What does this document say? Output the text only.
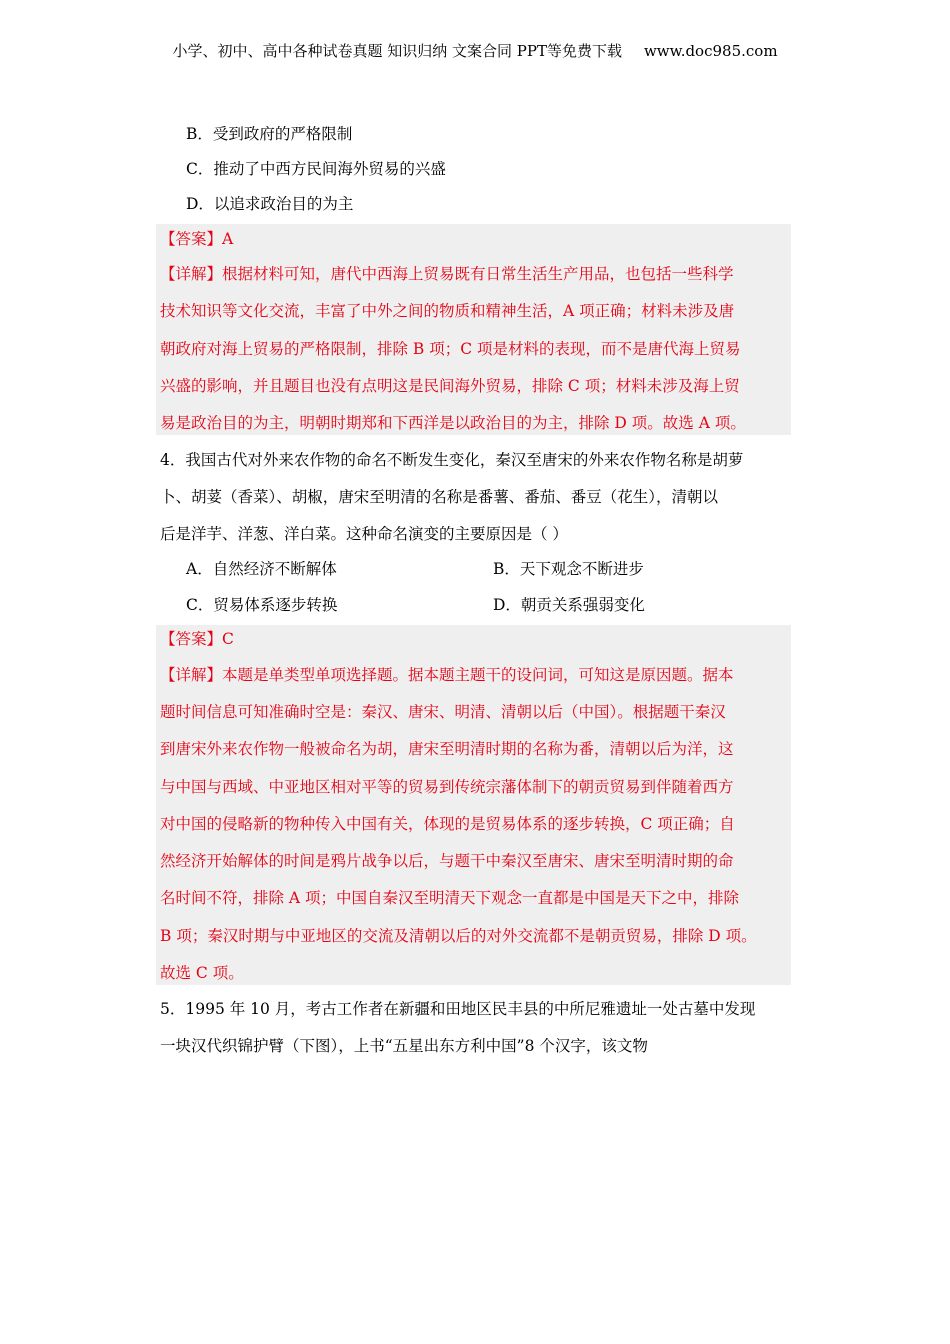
小学、初中、高中各种试卷真题 知识归纳 文案合同 PPT等免费下载 www.doc985.com
B．受到政府的严格限制
C．推动了中西方民间海外贸易的兴盛
D．以追求政治目的为主
【答案】A
【详解】根据材料可知，唐代中西海上贸易既有日常生活生产用品，也包括一些科学
技术知识等文化交流，丰富了中外之间的物质和精神生活，A 项正确；材料未涉及唐
朝政府对海上贸易的严格限制，排除 B 项；C 项是材料的表现，而不是唐代海上贸易
兴盛的影响，并且题目也没有点明这是民间海外贸易，排除 C 项；材料未涉及海上贸
易是政治目的为主，明朝时期郑和下西洋是以政治目的为主，排除 D 项。故选 A 项。
4．我国古代对外来农作物的命名不断发生变化，秦汉至唐宋的外来农作物名称是胡萝
卜、胡荽（香菜）、胡椒，唐宋至明清的名称是番薯、番茄、番豆（花生），清朝以
后是洋芋、洋葱、洋白菜。这种命名演变的主要原因是（ ）
A．自然经济不断解体	B．天下观念不断进步
C．贸易体系逐步转换	D．朝贡关系强弱变化
【答案】C
【详解】本题是单类型单项选择题。据本题主题干的设问词，可知这是原因题。据本
题时间信息可知准确时空是：秦汉、唐宋、明清、清朝以后（中国）。根据题干秦汉
到唐宋外来农作物一般被命名为胡，唐宋至明清时期的名称为番，清朝以后为洋，这
与中国与西域、中亚地区相对平等的贸易到传统宗藩体制下的朝贡贸易到伴随着西方
对中国的侵略新的物种传入中国有关，体现的是贸易体系的逐步转换，C 项正确；自
然经济开始解体的时间是鸦片战争以后，与题干中秦汉至唐宋、唐宋至明清时期的命
名时间不符，排除 A 项；中国自秦汉至明清天下观念一直都是中国是天下之中，排除
B 项；秦汉时期与中亚地区的交流及清朝以后的对外交流都不是朝贡贸易，排除 D 项。
故选 C 项。
5．1995 年 10 月，考古工作者在新疆和田地区民丰县的中所尼雅遗址一处古墓中发现
一块汉代织锦护臂（下图），上书“五星出东方利中国”8 个汉字，该文物
